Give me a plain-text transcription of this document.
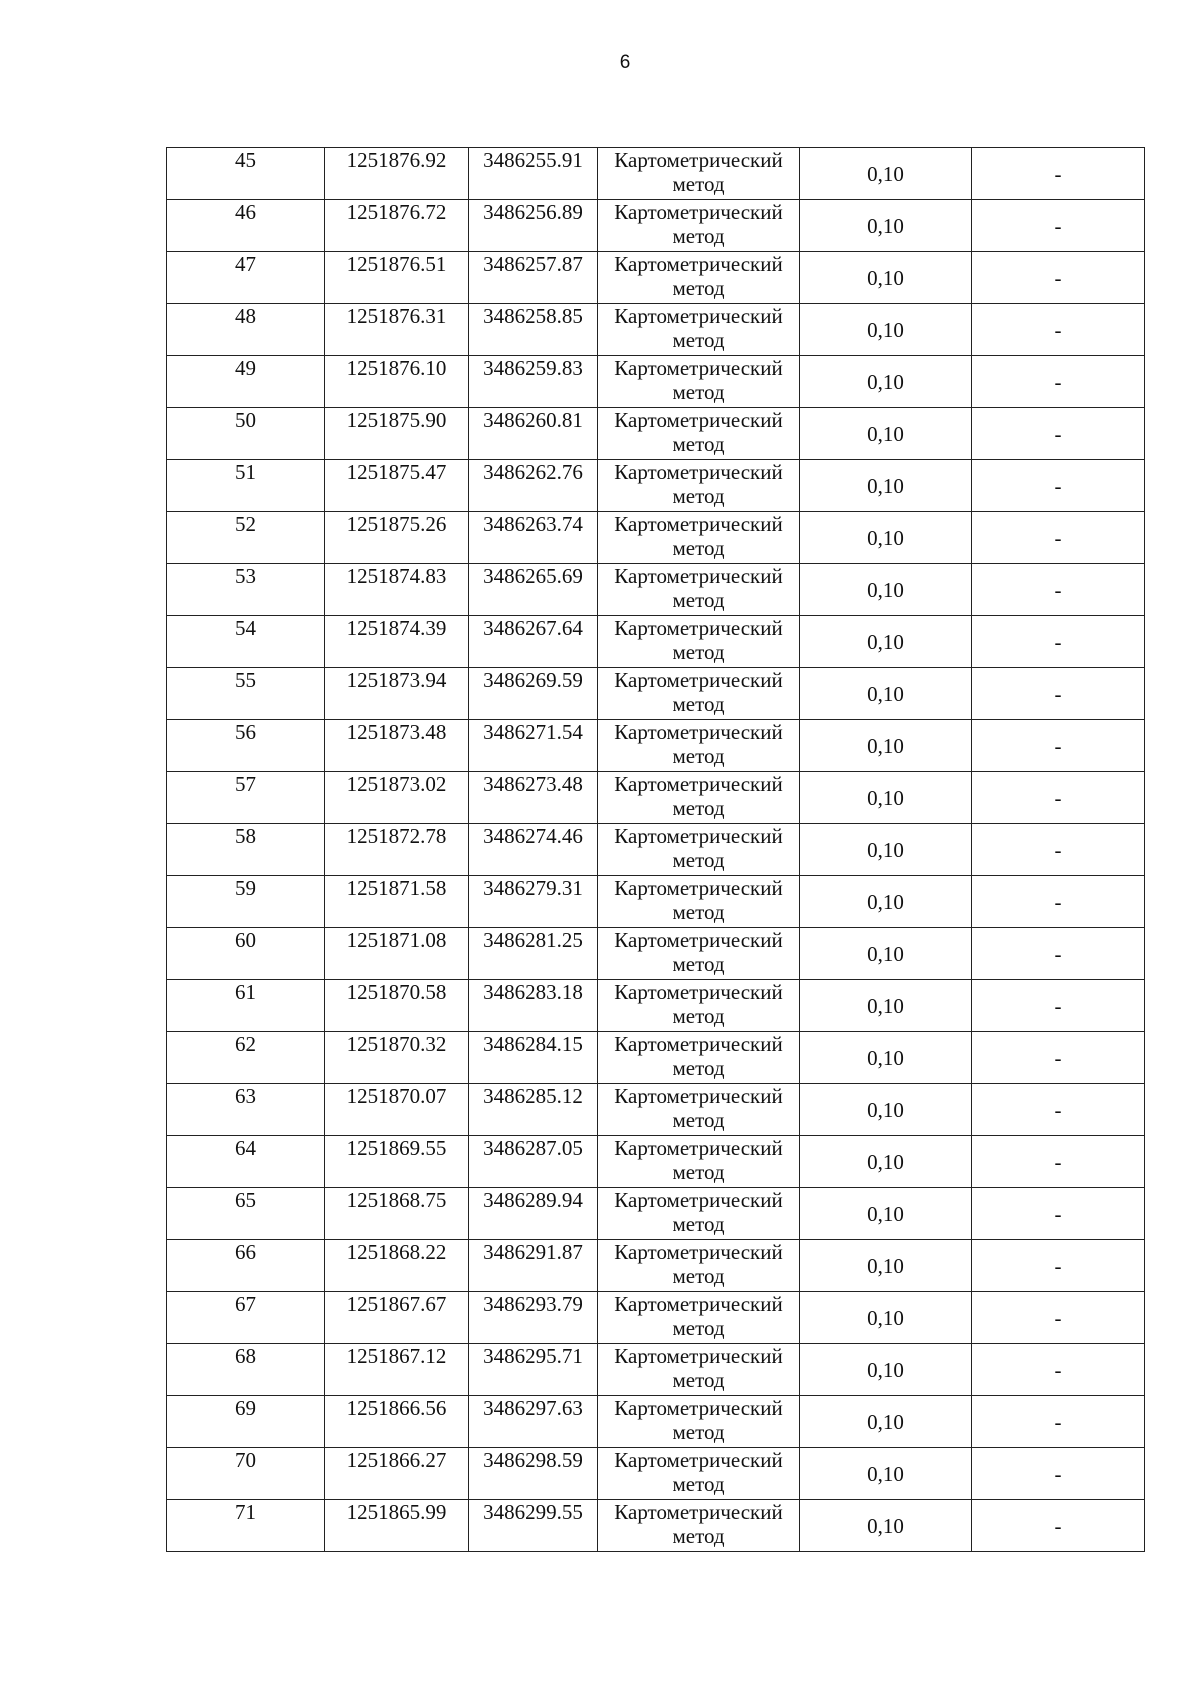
6
45	1251876.92	3486255.91	Картометрический
метод	0,10	-
46	1251876.72	3486256.89	Картометрический
метод	0,10	-
47	1251876.51	3486257.87	Картометрический
метод	0,10	-
48	1251876.31	3486258.85	Картометрический
метод	0,10	-
49	1251876.10	3486259.83	Картометрический
метод	0,10	-
50	1251875.90	3486260.81	Картометрический
метод	0,10	-
51	1251875.47	3486262.76	Картометрический
метод	0,10	-
52	1251875.26	3486263.74	Картометрический
метод	0,10	-
53	1251874.83	3486265.69	Картометрический
метод	0,10	-
54	1251874.39	3486267.64	Картометрический
метод	0,10	-
55	1251873.94	3486269.59	Картометрический
метод	0,10	-
56	1251873.48	3486271.54	Картометрический
метод	0,10	-
57	1251873.02	3486273.48	Картометрический
метод	0,10	-
58	1251872.78	3486274.46	Картометрический
метод	0,10	-
59	1251871.58	3486279.31	Картометрический
метод	0,10	-
60	1251871.08	3486281.25	Картометрический
метод	0,10	-
61	1251870.58	3486283.18	Картометрический
метод	0,10	-
62	1251870.32	3486284.15	Картометрический
метод	0,10	-
63	1251870.07	3486285.12	Картометрический
метод	0,10	-
64	1251869.55	3486287.05	Картометрический
метод	0,10	-
65	1251868.75	3486289.94	Картометрический
метод	0,10	-
66	1251868.22	3486291.87	Картометрический
метод	0,10	-
67	1251867.67	3486293.79	Картометрический
метод	0,10	-
68	1251867.12	3486295.71	Картометрический
метод	0,10	-
69	1251866.56	3486297.63	Картометрический
метод	0,10	-
70	1251866.27	3486298.59	Картометрический
метод	0,10	-
71	1251865.99	3486299.55	Картометрический
метод	0,10	-
